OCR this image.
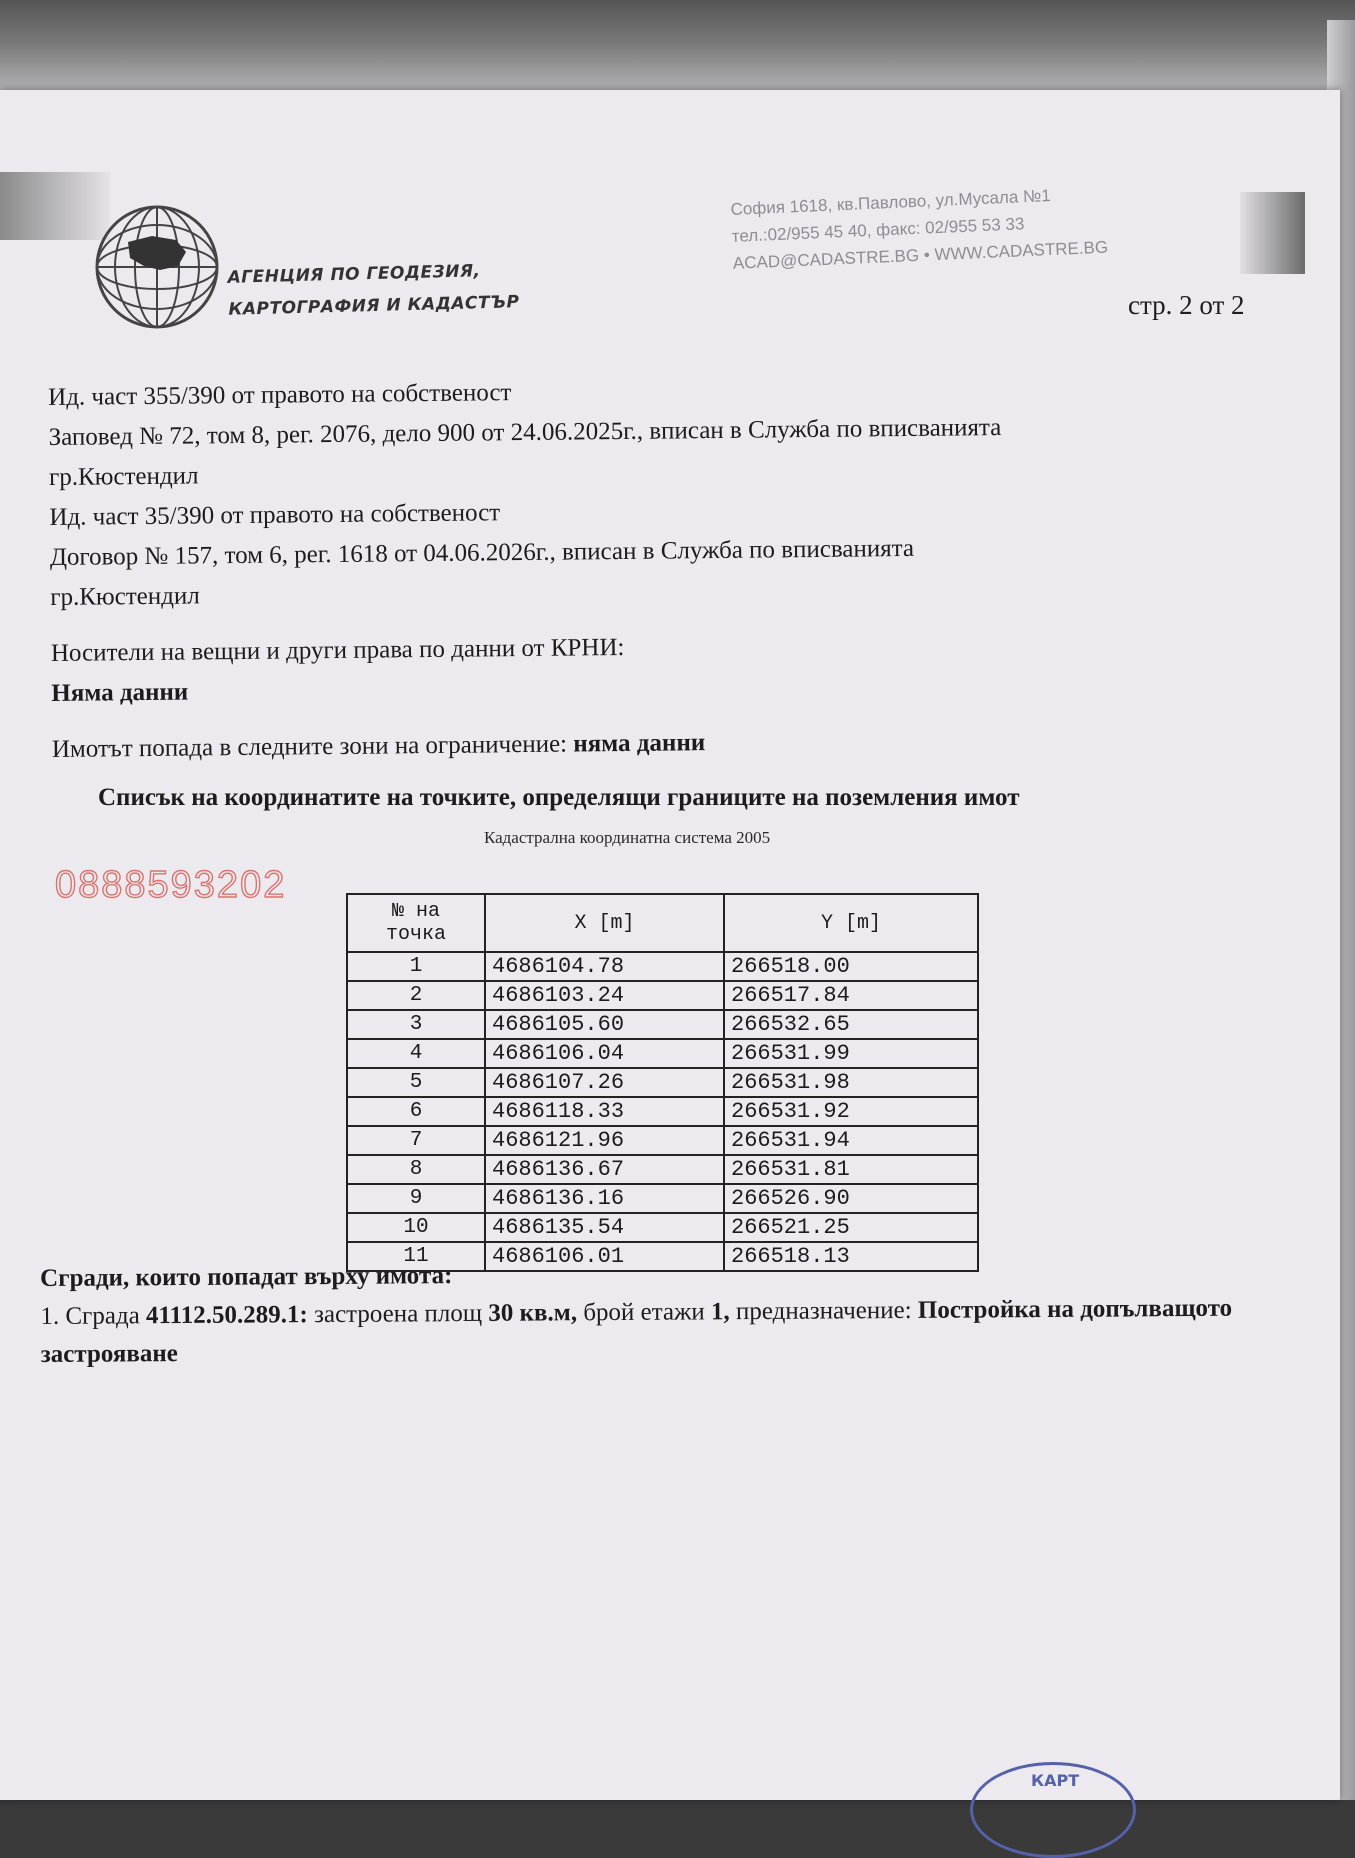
АГЕНЦИЯ ПО ГЕОДЕЗИЯ,
КАРТОГРАФИЯ И КАДАСТЪР
София 1618, кв.Павлово, ул.Мусала №1
тел.:02/955 45 40, факс: 02/955 53 33
ACAD@CADASTRE.BG • WWW.CADASTRE.BG
стр. 2 от 2

Ид. част 355/390 от правото на собственост

Заповед № 72, том 8, рег. 2076, дело 900 от 24.06.2025г., вписан в Служба по вписванията

гр.Кюстендил

Ид. част 35/390 от правото на собственост

Договор № 157, том 6, рег. 1618 от 04.06.2026г., вписан в Служба по вписванията

гр.Кюстендил

Носители на вещни и други права по данни от КРНИ:

Няма данни

Имотът попада в следните зони на ограничение: няма данни

Списък на координатите на точките, определящи границите на поземления имот
Кадастрална координатна система 2005
№ на
точка	X [m]	Y [m]
1	4686104.78	266518.00
2	4686103.24	266517.84
3	4686105.60	266532.65
4	4686106.04	266531.99
5	4686107.26	266531.98
6	4686118.33	266531.92
7	4686121.96	266531.94
8	4686136.67	266531.81
9	4686136.16	266526.90
10	4686135.54	266521.25
11	4686106.01	266518.13
0888593202

Сгради, които попадат върху имота:

1. Сграда 41112.50.289.1: застроена площ 30 кв.м, брой етажи 1, предназначение: Постройка на допълващото застрояване

КАРТ
